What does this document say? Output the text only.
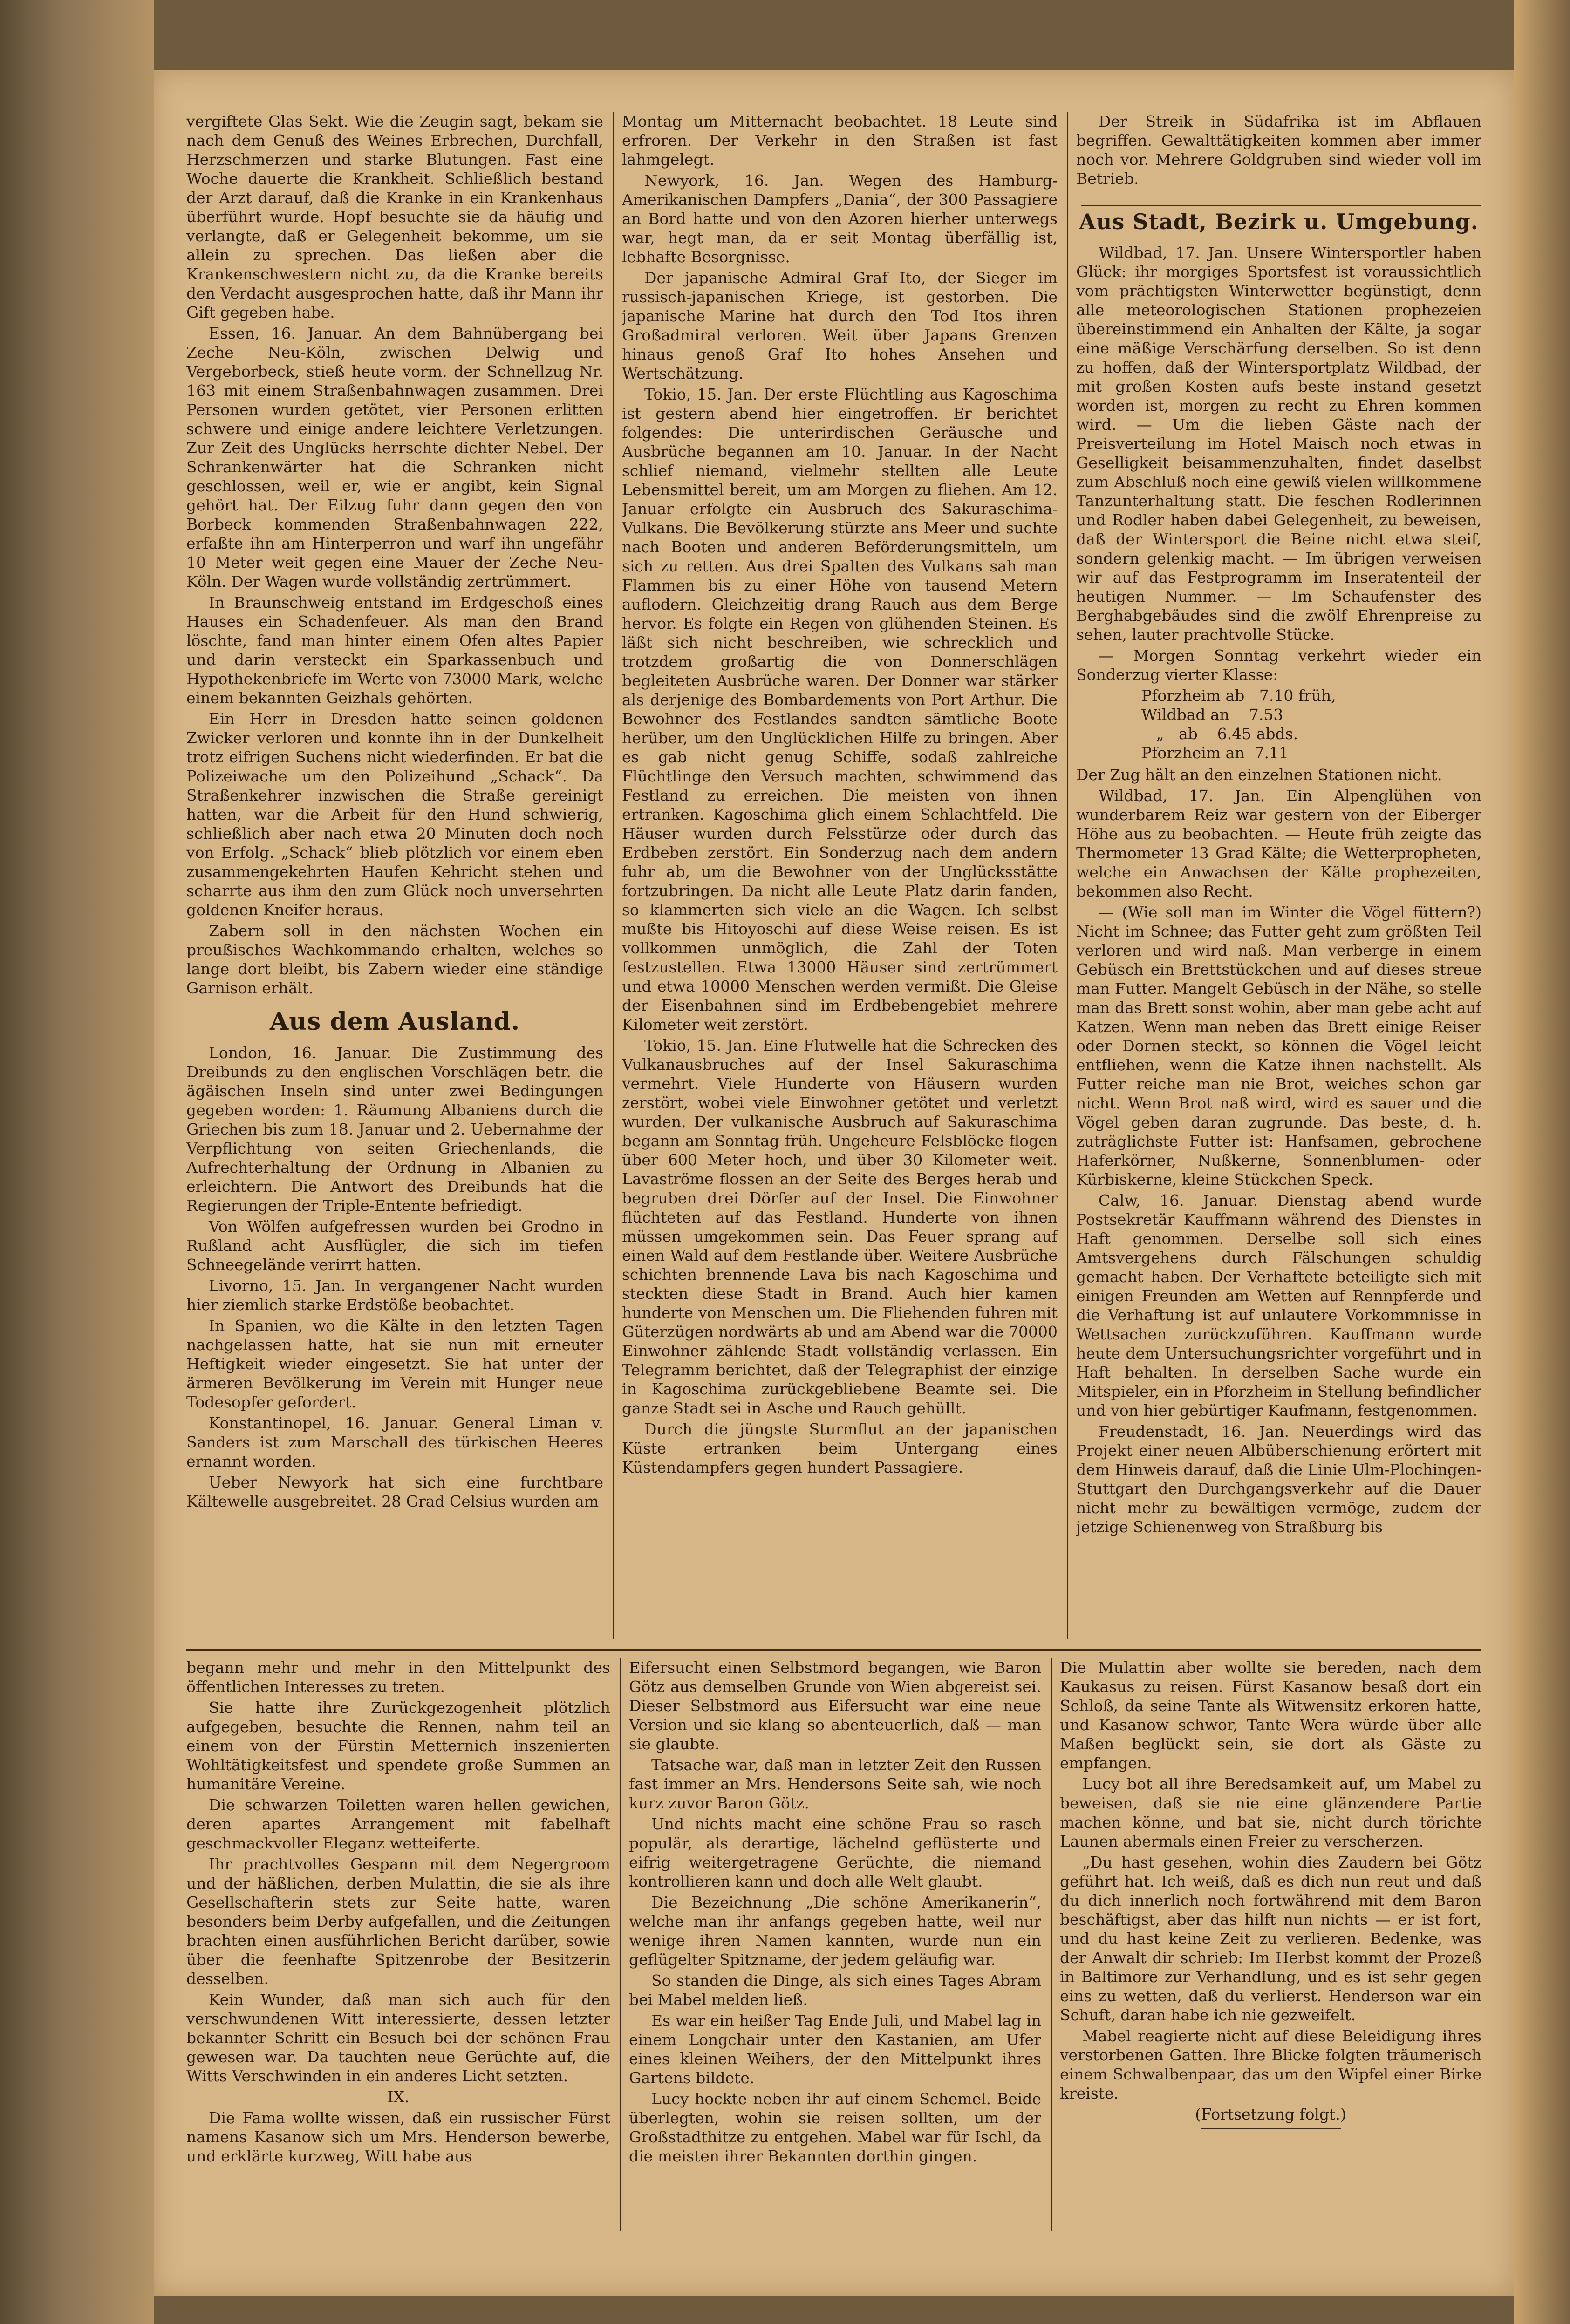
vergiftete Glas Sekt. Wie die Zeugin sagt, bekam sie nach dem Genuß des Weines Erbrechen, Durchfall, Herzschmerzen und starke Blutungen. Fast eine Woche dauerte die Krankheit. Schließlich bestand der Arzt darauf, daß die Kranke in ein Krankenhaus überführt wurde. Hopf besuchte sie da häufig und verlangte, daß er Gelegenheit bekomme, um sie allein zu sprechen. Das ließen aber die Krankenschwestern nicht zu, da die Kranke bereits den Verdacht ausgesprochen hatte, daß ihr Mann ihr Gift gegeben habe.

Essen, 16. Januar. An dem Bahnübergang bei Zeche Neu-Köln, zwischen Delwig und Vergeborbeck, stieß heute vorm. der Schnellzug Nr. 163 mit einem Straßenbahnwagen zusammen. Drei Personen wurden getötet, vier Personen erlitten schwere und einige andere leichtere Verletzungen. Zur Zeit des Unglücks herrschte dichter Nebel. Der Schrankenwärter hat die Schranken nicht geschlossen, weil er, wie er angibt, kein Signal gehört hat. Der Eilzug fuhr dann gegen den von Borbeck kommenden Straßenbahnwagen 222, erfaßte ihn am Hinterperron und warf ihn ungefähr 10 Meter weit gegen eine Mauer der Zeche Neu-Köln. Der Wagen wurde vollständig zertrümmert.

In Braunschweig entstand im Erdgeschoß eines Hauses ein Schadenfeuer. Als man den Brand löschte, fand man hinter einem Ofen altes Papier und darin versteckt ein Sparkassenbuch und Hypothekenbriefe im Werte von 73000 Mark, welche einem bekannten Geizhals gehörten.

Ein Herr in Dresden hatte seinen goldenen Zwicker verloren und konnte ihn in der Dunkelheit trotz eifrigen Suchens nicht wiederfinden. Er bat die Polizeiwache um den Polizeihund „Schack“. Da Straßenkehrer inzwischen die Straße gereinigt hatten, war die Arbeit für den Hund schwierig, schließlich aber nach etwa 20 Minuten doch noch von Erfolg. „Schack“ blieb plötzlich vor einem eben zusammengekehrten Haufen Kehricht stehen und scharrte aus ihm den zum Glück noch unversehrten goldenen Kneifer heraus.

Zabern soll in den nächsten Wochen ein preußisches Wachkommando erhalten, welches so lange dort bleibt, bis Zabern wieder eine ständige Garnison erhält.

Aus dem Ausland.

London, 16. Januar. Die Zustimmung des Dreibunds zu den englischen Vorschlägen betr. die ägäischen Inseln sind unter zwei Bedingungen gegeben worden: 1. Räumung Albaniens durch die Griechen bis zum 18. Januar und 2. Uebernahme der Verpflichtung von seiten Griechenlands, die Aufrechterhaltung der Ordnung in Albanien zu erleichtern. Die Antwort des Dreibunds hat die Regierungen der Triple-Entente befriedigt.

Von Wölfen aufgefressen wurden bei Grodno in Rußland acht Ausflügler, die sich im tiefen Schneegelände verirrt hatten.

Livorno, 15. Jan. In vergangener Nacht wurden hier ziemlich starke Erdstöße beobachtet.

In Spanien, wo die Kälte in den letzten Tagen nachgelassen hatte, hat sie nun mit erneuter Heftigkeit wieder eingesetzt. Sie hat unter der ärmeren Bevölkerung im Verein mit Hunger neue Todesopfer gefordert.

Konstantinopel, 16. Januar. General Liman v. Sanders ist zum Marschall des türkischen Heeres ernannt worden.

Ueber Newyork hat sich eine furchtbare Kältewelle ausgebreitet. 28 Grad Celsius wurden am

Montag um Mitternacht beobachtet. 18 Leute sind erfroren. Der Verkehr in den Straßen ist fast lahmgelegt.

Newyork, 16. Jan. Wegen des Hamburg-Amerikanischen Dampfers „Dania“, der 300 Passagiere an Bord hatte und von den Azoren hierher unterwegs war, hegt man, da er seit Montag überfällig ist, lebhafte Besorgnisse.

Der japanische Admiral Graf Ito, der Sieger im russisch-japanischen Kriege, ist gestorben. Die japanische Marine hat durch den Tod Itos ihren Großadmiral verloren. Weit über Japans Grenzen hinaus genoß Graf Ito hohes Ansehen und Wertschätzung.

Tokio, 15. Jan. Der erste Flüchtling aus Kagoschima ist gestern abend hier eingetroffen. Er berichtet folgendes: Die unterirdischen Geräusche und Ausbrüche begannen am 10. Januar. In der Nacht schlief niemand, vielmehr stellten alle Leute Lebensmittel bereit, um am Morgen zu fliehen. Am 12. Januar erfolgte ein Ausbruch des Sakuraschima-Vulkans. Die Bevölkerung stürzte ans Meer und suchte nach Booten und anderen Beförderungsmitteln, um sich zu retten. Aus drei Spalten des Vulkans sah man Flammen bis zu einer Höhe von tausend Metern auflodern. Gleichzeitig drang Rauch aus dem Berge hervor. Es folgte ein Regen von glühenden Steinen. Es läßt sich nicht beschreiben, wie schrecklich und trotzdem großartig die von Donnerschlägen begleiteten Ausbrüche waren. Der Donner war stärker als derjenige des Bombardements von Port Arthur. Die Bewohner des Festlandes sandten sämtliche Boote herüber, um den Unglücklichen Hilfe zu bringen. Aber es gab nicht genug Schiffe, sodaß zahlreiche Flüchtlinge den Versuch machten, schwimmend das Festland zu erreichen. Die meisten von ihnen ertranken. Kagoschima glich einem Schlachtfeld. Die Häuser wurden durch Felsstürze oder durch das Erdbeben zerstört. Ein Sonderzug nach dem andern fuhr ab, um die Bewohner von der Unglücksstätte fortzubringen. Da nicht alle Leute Platz darin fanden, so klammerten sich viele an die Wagen. Ich selbst mußte bis Hitoyoschi auf diese Weise reisen. Es ist vollkommen unmöglich, die Zahl der Toten festzustellen. Etwa 13000 Häuser sind zertrümmert und etwa 10000 Menschen werden vermißt. Die Gleise der Eisenbahnen sind im Erdbebengebiet mehrere Kilometer weit zerstört.

Tokio, 15. Jan. Eine Flutwelle hat die Schrecken des Vulkanausbruches auf der Insel Sakuraschima vermehrt. Viele Hunderte von Häusern wurden zerstört, wobei viele Einwohner getötet und verletzt wurden. Der vulkanische Ausbruch auf Sakuraschima begann am Sonntag früh. Ungeheure Felsblöcke flogen über 600 Meter hoch, und über 30 Kilometer weit. Lavaströme flossen an der Seite des Berges herab und begruben drei Dörfer auf der Insel. Die Einwohner flüchteten auf das Festland. Hunderte von ihnen müssen umgekommen sein. Das Feuer sprang auf einen Wald auf dem Festlande über. Weitere Ausbrüche schichten brennende Lava bis nach Kagoschima und steckten diese Stadt in Brand. Auch hier kamen hunderte von Menschen um. Die Fliehenden fuhren mit Güterzügen nordwärts ab und am Abend war die 70000 Einwohner zählende Stadt vollständig verlassen. Ein Telegramm berichtet, daß der Telegraphist der einzige in Kagoschima zurückgebliebene Beamte sei. Die ganze Stadt sei in Asche und Rauch gehüllt.

Durch die jüngste Sturmflut an der japanischen Küste ertranken beim Untergang eines Küstendampfers gegen hundert Passagiere.

Der Streik in Südafrika ist im Abflauen begriffen. Gewalttätigkeiten kommen aber immer noch vor. Mehrere Goldgruben sind wieder voll im Betrieb.

Aus Stadt, Bezirk u. Umgebung.

Wildbad, 17. Jan. Unsere Wintersportler haben Glück: ihr morgiges Sportsfest ist voraussichtlich vom prächtigsten Winterwetter begünstigt, denn alle meteorologischen Stationen prophezeien übereinstimmend ein Anhalten der Kälte, ja sogar eine mäßige Verschärfung derselben. So ist denn zu hoffen, daß der Wintersportplatz Wildbad, der mit großen Kosten aufs beste instand gesetzt worden ist, morgen zu recht zu Ehren kommen wird. — Um die lieben Gäste nach der Preisverteilung im Hotel Maisch noch etwas in Geselligkeit beisammenzuhalten, findet daselbst zum Abschluß noch eine gewiß vielen willkommene Tanzunterhaltung statt. Die feschen Rodlerinnen und Rodler haben dabei Gelegenheit, zu beweisen, daß der Wintersport die Beine nicht etwa steif, sondern gelenkig macht. — Im übrigen verweisen wir auf das Festprogramm im Inseratenteil der heutigen Nummer. — Im Schaufenster des Berghabgebäudes sind die zwölf Ehrenpreise zu sehen, lauter prachtvolle Stücke.

— Morgen Sonntag verkehrt wieder ein Sonderzug vierter Klasse:

Pforzheim ab   7.10 früh,
Wildbad an    7.53
„   ab    6.45 abds.
Pforzheim an  7.11

Der Zug hält an den einzelnen Stationen nicht.

Wildbad, 17. Jan. Ein Alpenglühen von wunderbarem Reiz war gestern von der Eiberger Höhe aus zu beobachten. — Heute früh zeigte das Thermometer 13 Grad Kälte; die Wetterpropheten, welche ein Anwachsen der Kälte prophezeiten, bekommen also Recht.

— (Wie soll man im Winter die Vögel füttern?) Nicht im Schnee; das Futter geht zum größten Teil verloren und wird naß. Man verberge in einem Gebüsch ein Brettstückchen und auf dieses streue man Futter. Mangelt Gebüsch in der Nähe, so stelle man das Brett sonst wohin, aber man gebe acht auf Katzen. Wenn man neben das Brett einige Reiser oder Dornen steckt, so können die Vögel leicht entfliehen, wenn die Katze ihnen nachstellt. Als Futter reiche man nie Brot, weiches schon gar nicht. Wenn Brot naß wird, wird es sauer und die Vögel geben daran zugrunde. Das beste, d. h. zuträglichste Futter ist: Hanfsamen, gebrochene Haferkörner, Nußkerne, Sonnenblumen- oder Kürbiskerne, kleine Stückchen Speck.

Calw, 16. Januar. Dienstag abend wurde Postsekretär Kauffmann während des Dienstes in Haft genommen. Derselbe soll sich eines Amtsvergehens durch Fälschungen schuldig gemacht haben. Der Verhaftete beteiligte sich mit einigen Freunden am Wetten auf Rennpferde und die Verhaftung ist auf unlautere Vorkommnisse in Wettsachen zurückzuführen. Kauffmann wurde heute dem Untersuchungsrichter vorgeführt und in Haft behalten. In derselben Sache wurde ein Mitspieler, ein in Pforzheim in Stellung befindlicher und von hier gebürtiger Kaufmann, festgenommen.

Freudenstadt, 16. Jan. Neuerdings wird das Projekt einer neuen Albüberschienung erörtert mit dem Hinweis darauf, daß die Linie Ulm-Plochingen-Stuttgart den Durchgangsverkehr auf die Dauer nicht mehr zu bewältigen vermöge, zudem der jetzige Schienenweg von Straßburg bis

begann mehr und mehr in den Mittelpunkt des öffentlichen Interesses zu treten.

Sie hatte ihre Zurückgezogenheit plötzlich aufgegeben, besuchte die Rennen, nahm teil an einem von der Fürstin Metternich inszenierten Wohltätigkeitsfest und spendete große Summen an humanitäre Vereine.

Die schwarzen Toiletten waren hellen gewichen, deren apartes Arrangement mit fabelhaft geschmackvoller Eleganz wetteiferte.

Ihr prachtvolles Gespann mit dem Negergroom und der häßlichen, derben Mulattin, die sie als ihre Gesellschafterin stets zur Seite hatte, waren besonders beim Derby aufgefallen, und die Zeitungen brachten einen ausführlichen Bericht darüber, sowie über die feenhafte Spitzenrobe der Besitzerin desselben.

Kein Wunder, daß man sich auch für den verschwundenen Witt interessierte, dessen letzter bekannter Schritt ein Besuch bei der schönen Frau gewesen war. Da tauchten neue Gerüchte auf, die Witts Verschwinden in ein anderes Licht setzten.

IX.

Die Fama wollte wissen, daß ein russischer Fürst namens Kasanow sich um Mrs. Henderson bewerbe, und erklärte kurzweg, Witt habe aus

Eifersucht einen Selbstmord begangen, wie Baron Götz aus demselben Grunde von Wien abgereist sei. Dieser Selbstmord aus Eifersucht war eine neue Version und sie klang so abenteuerlich, daß — man sie glaubte.

Tatsache war, daß man in letzter Zeit den Russen fast immer an Mrs. Hendersons Seite sah, wie noch kurz zuvor Baron Götz.

Und nichts macht eine schöne Frau so rasch populär, als derartige, lächelnd geflüsterte und eifrig weitergetragene Gerüchte, die niemand kontrollieren kann und doch alle Welt glaubt.

Die Bezeichnung „Die schöne Amerikanerin“, welche man ihr anfangs gegeben hatte, weil nur wenige ihren Namen kannten, wurde nun ein geflügelter Spitzname, der jedem geläufig war.

So standen die Dinge, als sich eines Tages Abram bei Mabel melden ließ.

Es war ein heißer Tag Ende Juli, und Mabel lag in einem Longchair unter den Kastanien, am Ufer eines kleinen Weihers, der den Mittelpunkt ihres Gartens bildete.

Lucy hockte neben ihr auf einem Schemel. Beide überlegten, wohin sie reisen sollten, um der Großstadthitze zu entgehen. Mabel war für Ischl, da die meisten ihrer Bekannten dorthin gingen.

Die Mulattin aber wollte sie bereden, nach dem Kaukasus zu reisen. Fürst Kasanow besaß dort ein Schloß, da seine Tante als Witwensitz erkoren hatte, und Kasanow schwor, Tante Wera würde über alle Maßen beglückt sein, sie dort als Gäste zu empfangen.

Lucy bot all ihre Beredsamkeit auf, um Mabel zu beweisen, daß sie nie eine glänzendere Partie machen könne, und bat sie, nicht durch törichte Launen abermals einen Freier zu verscherzen.

„Du hast gesehen, wohin dies Zaudern bei Götz geführt hat. Ich weiß, daß es dich nun reut und daß du dich innerlich noch fortwährend mit dem Baron beschäftigst, aber das hilft nun nichts — er ist fort, und du hast keine Zeit zu verlieren. Bedenke, was der Anwalt dir schrieb: Im Herbst kommt der Prozeß in Baltimore zur Verhandlung, und es ist sehr gegen eins zu wetten, daß du verlierst. Henderson war ein Schuft, daran habe ich nie gezweifelt.

Mabel reagierte nicht auf diese Beleidigung ihres verstorbenen Gatten. Ihre Blicke folgten träumerisch einem Schwalbenpaar, das um den Wipfel einer Birke kreiste.

(Fortsetzung folgt.)
